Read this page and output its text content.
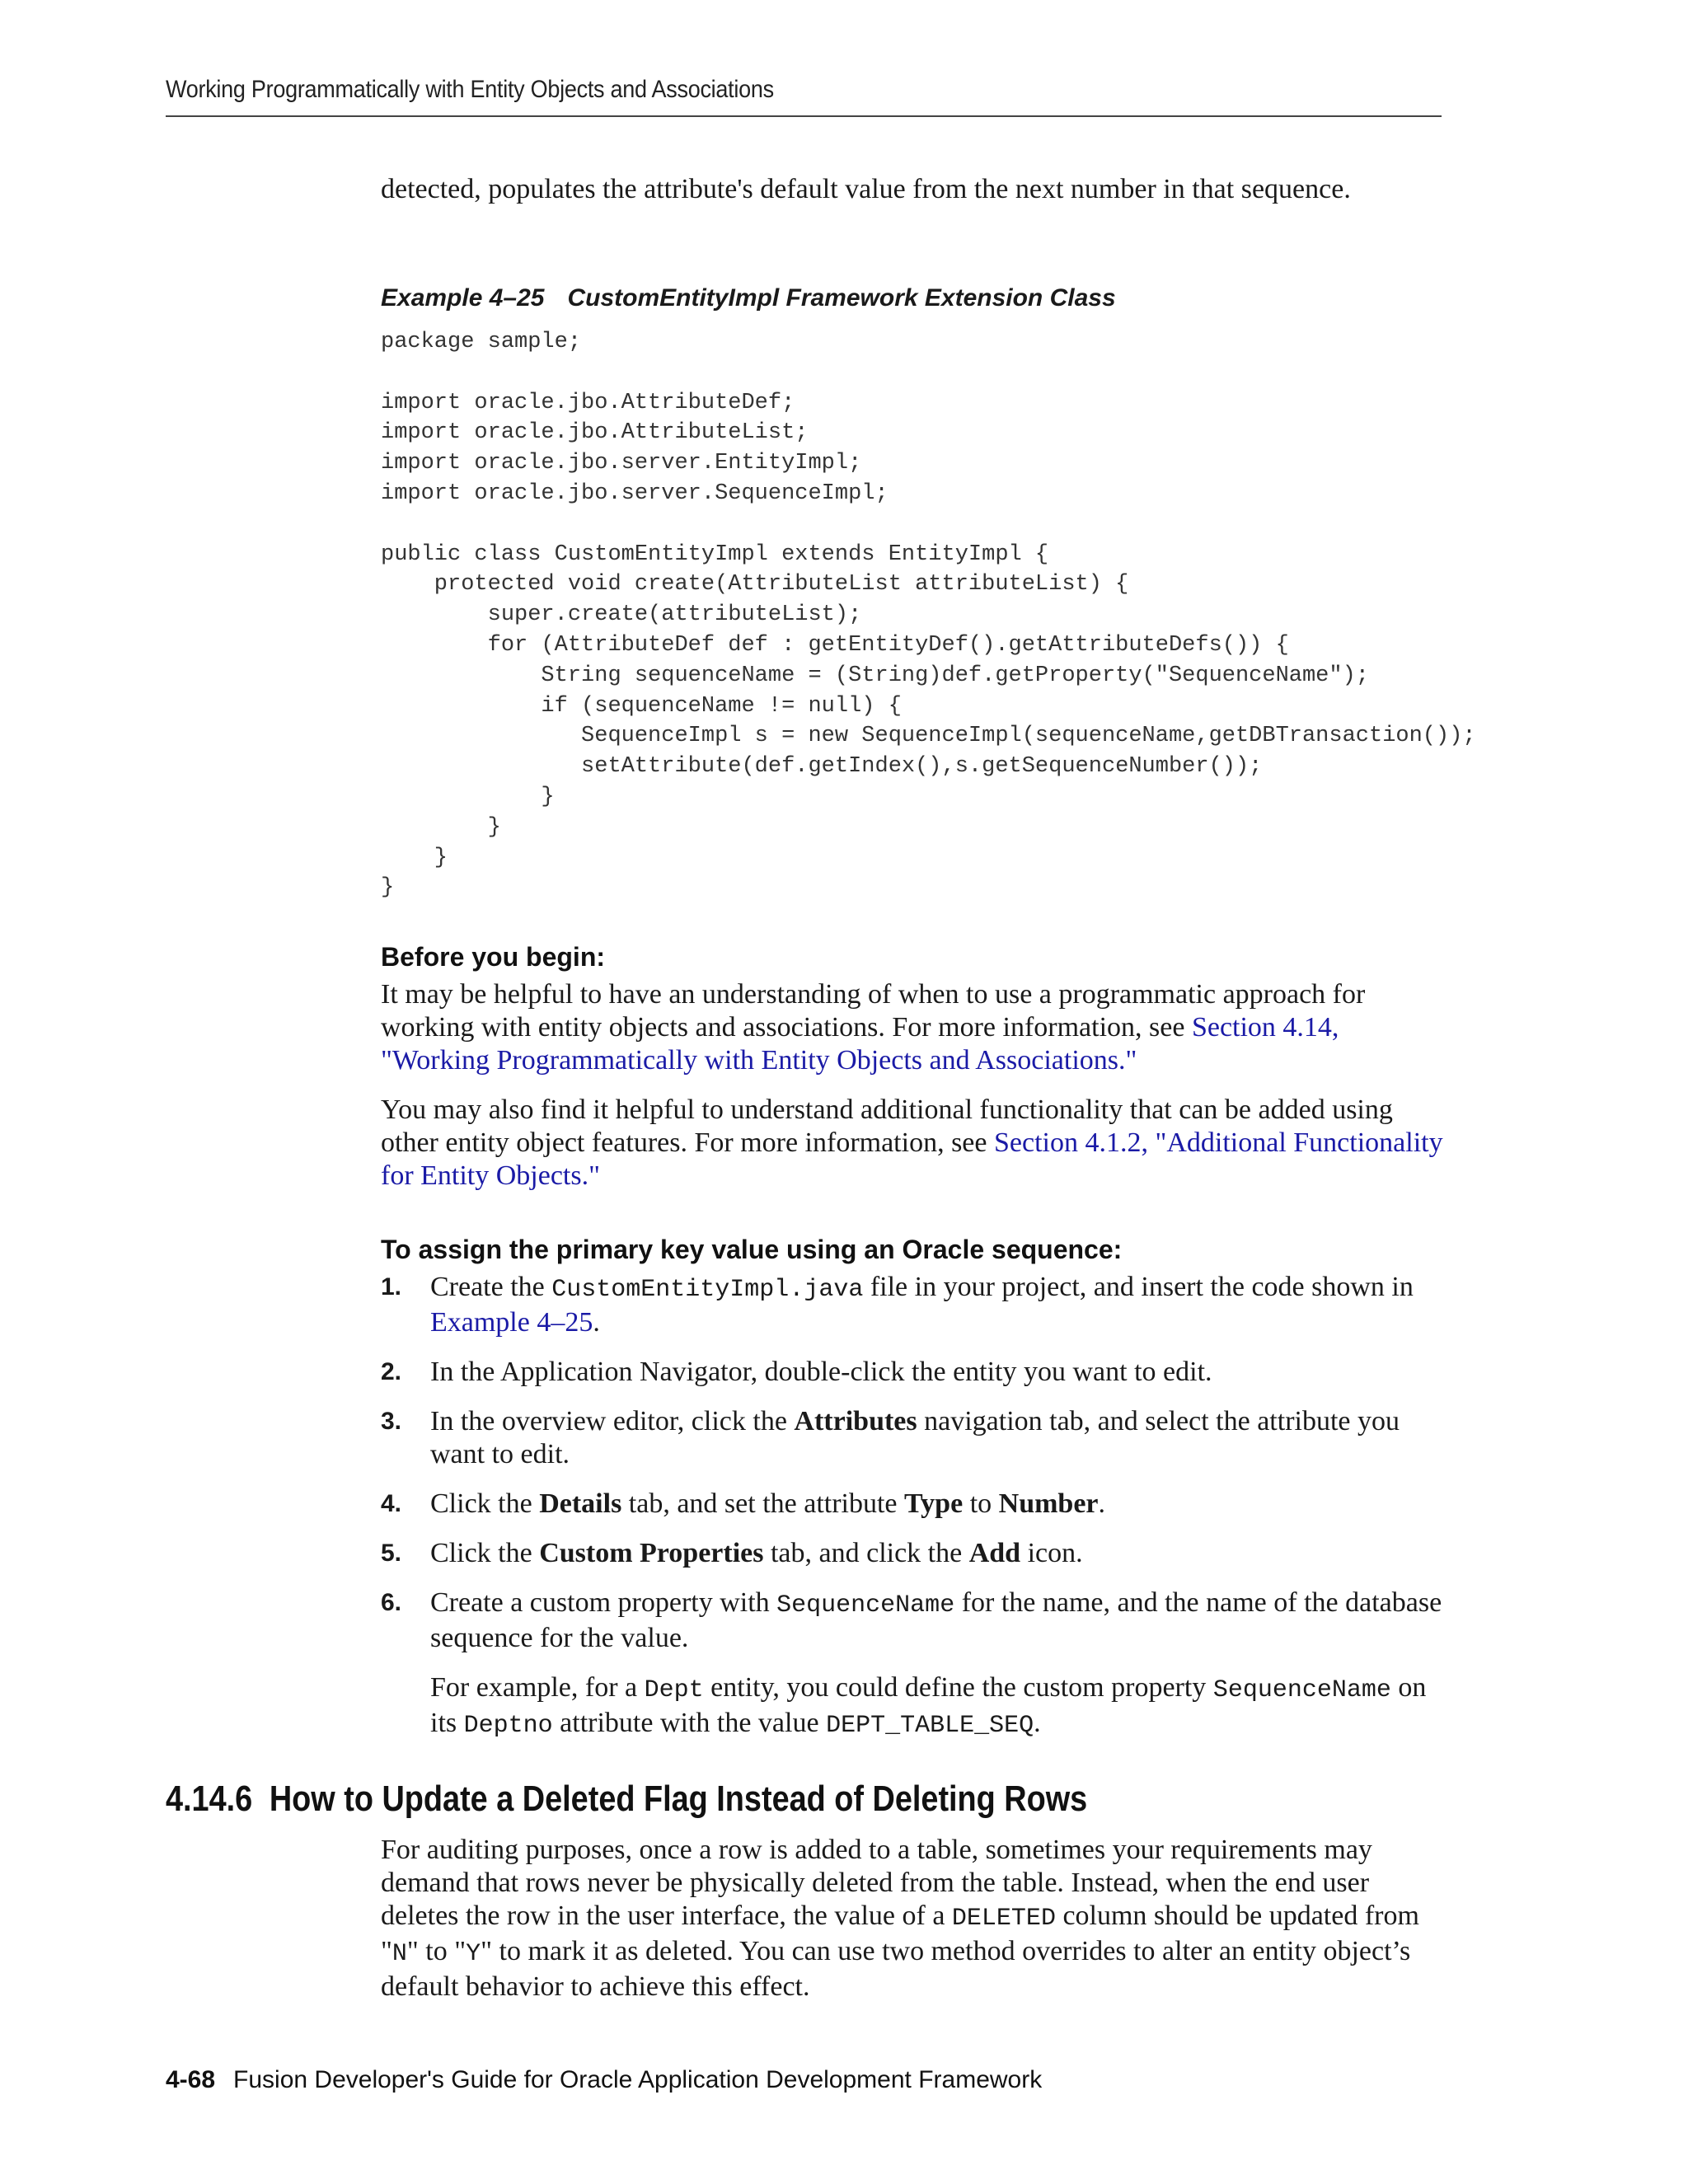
Working Programmatically with Entity Objects and Associations

detected, populates the attribute's default value from the next number in that sequence.

Example 4–25 CustomEntityImpl Framework Extension Class
package sample;

import oracle.jbo.AttributeDef;
import oracle.jbo.AttributeList;
import oracle.jbo.server.EntityImpl;
import oracle.jbo.server.SequenceImpl;

public class CustomEntityImpl extends EntityImpl {
protected void create(AttributeList attributeList) {
super.create(attributeList);
for (AttributeDef def : getEntityDef().getAttributeDefs()) {
String sequenceName = (String)def.getProperty("SequenceName");
if (sequenceName != null) {
SequenceImpl s = new SequenceImpl(sequenceName,getDBTransaction());
setAttribute(def.getIndex(),s.getSequenceNumber());
}
}
}
}

Before you begin:

It may be helpful to have an understanding of when to use a programmatic approach for working with entity objects and associations. For more information, see Section 4.14, "Working Programmatically with Entity Objects and Associations."

You may also find it helpful to understand additional functionality that can be added using other entity object features. For more information, see Section 4.1.2, "Additional Functionality for Entity Objects."

To assign the primary key value using an Oracle sequence:

1. Create the CustomEntityImpl.java file in your project, and insert the code shown in Example 4–25.
2. In the Application Navigator, double-click the entity you want to edit.
3. In the overview editor, click the Attributes navigation tab, and select the attribute you want to edit.
4. Click the Details tab, and set the attribute Type to Number.
5. Click the Custom Properties tab, and click the Add icon.
6. Create a custom property with SequenceName for the name, and the name of the database sequence for the value.
For example, for a Dept entity, you could define the custom property SequenceName on its Deptno attribute with the value DEPT_TABLE_SEQ.
4.14.6 How to Update a Deleted Flag Instead of Deleting Rows

For auditing purposes, once a row is added to a table, sometimes your requirements may demand that rows never be physically deleted from the table. Instead, when the end user deletes the row in the user interface, the value of a DELETED column should be updated from "N" to "Y" to mark it as deleted. You can use two method overrides to alter an entity object’s default behavior to achieve this effect.

4-68 Fusion Developer's Guide for Oracle Application Development Framework
